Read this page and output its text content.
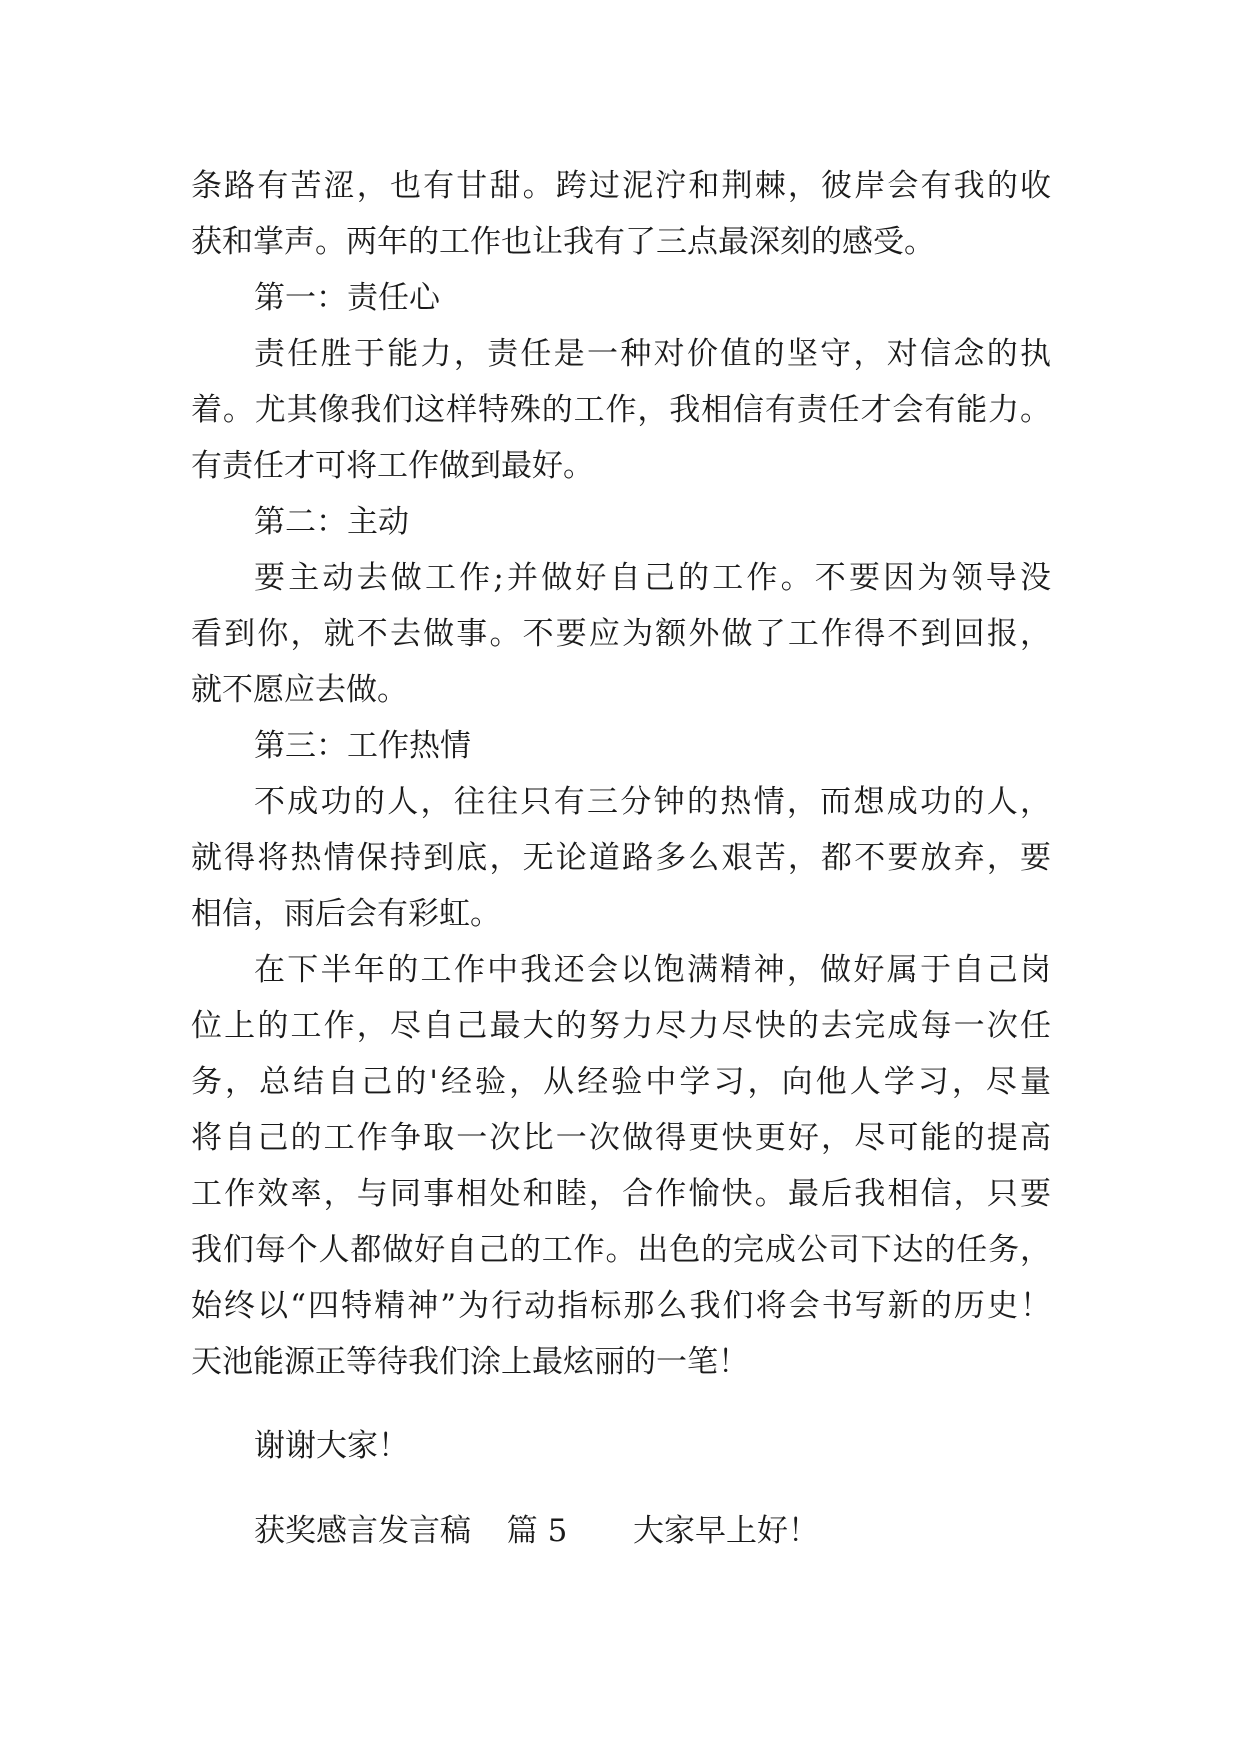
条路有苦涩，也有甘甜。跨过泥泞和荆棘，彼岸会有我的收
获和掌声。两年的工作也让我有了三点最深刻的感受。
第一：责任心
责任胜于能力，责任是一种对价值的坚守，对信念的执
着。尤其像我们这样特殊的工作，我相信有责任才会有能力。
有责任才可将工作做到最好。
第二：主动
要主动去做工作;并做好自己的工作。不要因为领导没
看到你，就不去做事。不要应为额外做了工作得不到回报，
就不愿应去做。
第三：工作热情
不成功的人，往往只有三分钟的热情，而想成功的人，
就得将热情保持到底，无论道路多么艰苦，都不要放弃，要
相信，雨后会有彩虹。
在下半年的工作中我还会以饱满精神，做好属于自己岗
位上的工作，尽自己最大的努力尽力尽快的去完成每一次任
务，总结自己的'经验，从经验中学习，向他人学习，尽量
将自己的工作争取一次比一次做得更快更好，尽可能的提高
工作效率，与同事相处和睦，合作愉快。最后我相信，只要
我们每个人都做好自己的工作。出色的完成公司下达的任务，
始终以“四特精神”为行动指标那么我们将会书写新的历史！
天池能源正等待我们涂上最炫丽的一笔！
谢谢大家！
获奖感言发言稿 篇 5 大家早上好！
